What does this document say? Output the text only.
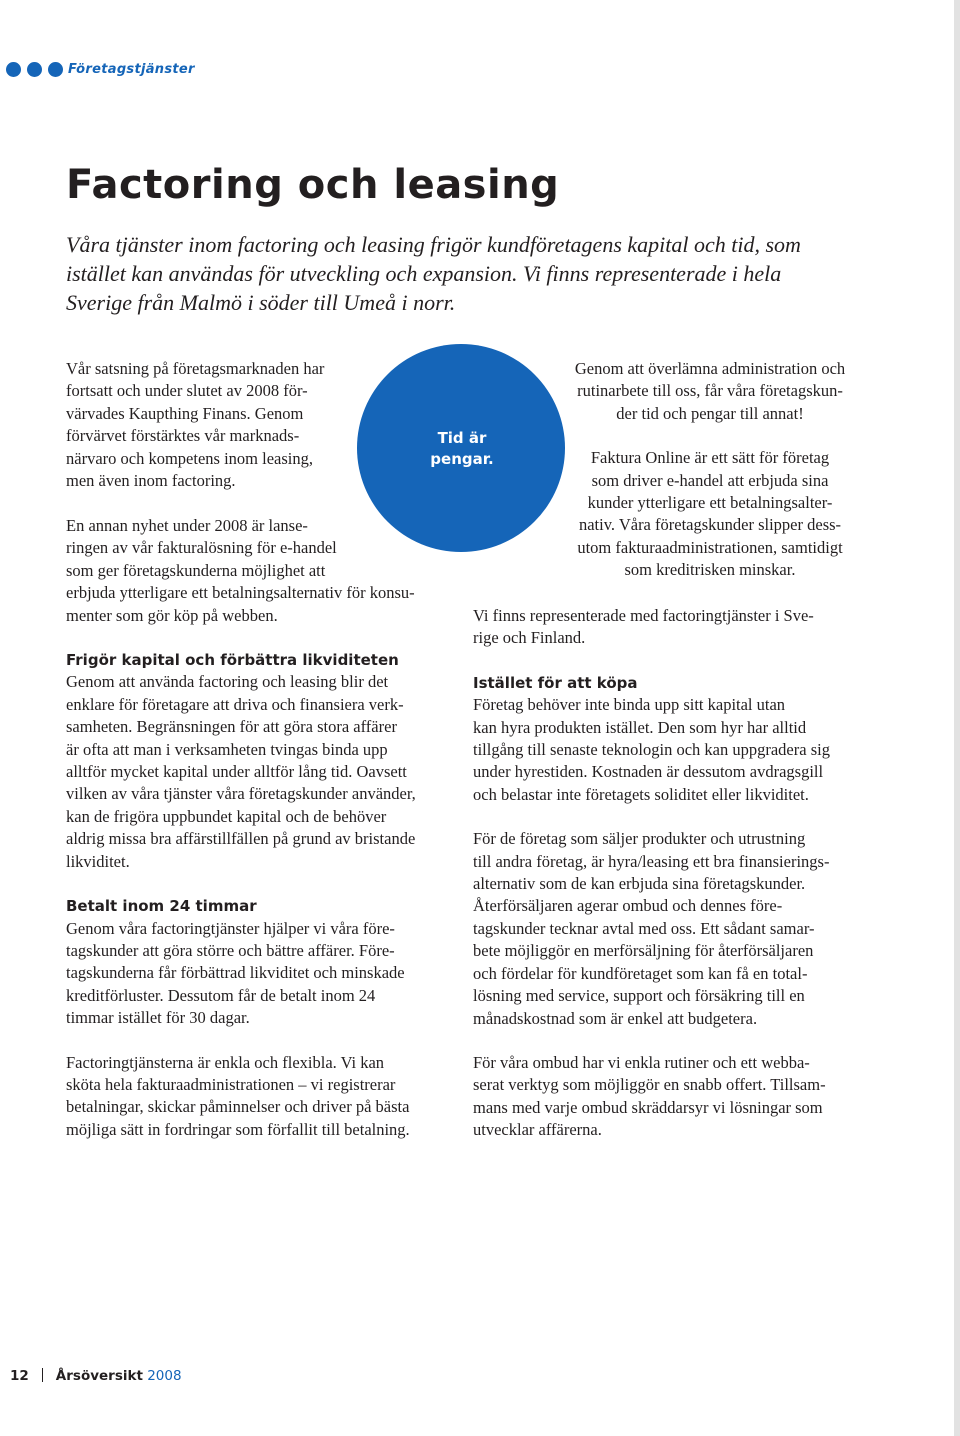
Företagstjänster
Factoring och leasing

Våra tjänster inom factoring och leasing frigör kundföretagens kapital och tid, som
istället kan användas för utveckling och expansion. Vi finns representerade i hela
Sverige från Malmö i söder till Umeå i norr.

Tid är
pengar.

Vår satsning på företagsmarknaden har
fortsatt och under slutet av 2008 för-
värvades Kaupthing Finans. Genom
förvärvet förstärktes vår marknads-
närvaro och kompetens inom leasing,
men även inom factoring.

En annan nyhet under 2008 är lanse-
ringen av vår fakturalösning för e-handel
som ger företagskunderna möjlighet att
erbjuda ytterligare ett betalningsalternativ för konsu-
menter som gör köp på webben.

Frigör kapital och förbättra likviditeten

Genom att använda factoring och leasing blir det
enklare för företagare att driva och finansiera verk-
samheten. Begränsningen för att göra stora affärer
är ofta att man i verksamheten tvingas binda upp
alltför mycket kapital under alltför lång tid. Oavsett
vilken av våra tjänster våra företagskunder använder,
kan de frigöra uppbundet kapital och de behöver
aldrig missa bra affärstillfällen på grund av bristande
likviditet.

Betalt inom 24 timmar

Genom våra factoringtjänster hjälper vi våra före-
tagskunder att göra större och bättre affärer. Före-
tagskunderna får förbättrad likviditet och minskade
kreditförluster. Dessutom får de betalt inom 24
timmar istället för 30 dagar.

Factoringtjänsterna är enkla och flexibla. Vi kan
sköta hela fakturaadministrationen – vi registrerar
betalningar, skickar påminnelser och driver på bästa
möjliga sätt in fordringar som förfallit till betalning.

Genom att överlämna administration och
rutinarbete till oss, får våra företagskun-
der tid och pengar till annat!

Faktura Online är ett sätt för företag
som driver e-handel att erbjuda sina
kunder ytterligare ett betalningsalter-
nativ. Våra företagskunder slipper dess-
utom fakturaadministrationen, samtidigt
som kreditrisken minskar.

Vi finns representerade med factoringtjänster i Sve-
rige och Finland.

Istället för att köpa

Företag behöver inte binda upp sitt kapital utan
kan hyra produkten istället. Den som hyr har alltid
tillgång till senaste teknologin och kan uppgradera sig
under hyrestiden. Kostnaden är dessutom avdragsgill
och belastar inte företagets soliditet eller likviditet.

För de företag som säljer produkter och utrustning
till andra företag, är hyra/leasing ett bra finansierings-
alternativ som de kan erbjuda sina företagskunder.
Återförsäljaren agerar ombud och dennes före-
tagskunder tecknar avtal med oss. Ett sådant samar-
bete möjliggör en merförsäljning för återförsäljaren
och fördelar för kundföretaget som kan få en total-
lösning med service, support och försäkring till en
månadskostnad som är enkel att budgetera.

För våra ombud har vi enkla rutiner och ett webba-
serat verktyg som möjliggör en snabb offert. Tillsam-
mans med varje ombud skräddarsyr vi lösningar som
utvecklar affärerna.

12 Årsöversikt 2008
